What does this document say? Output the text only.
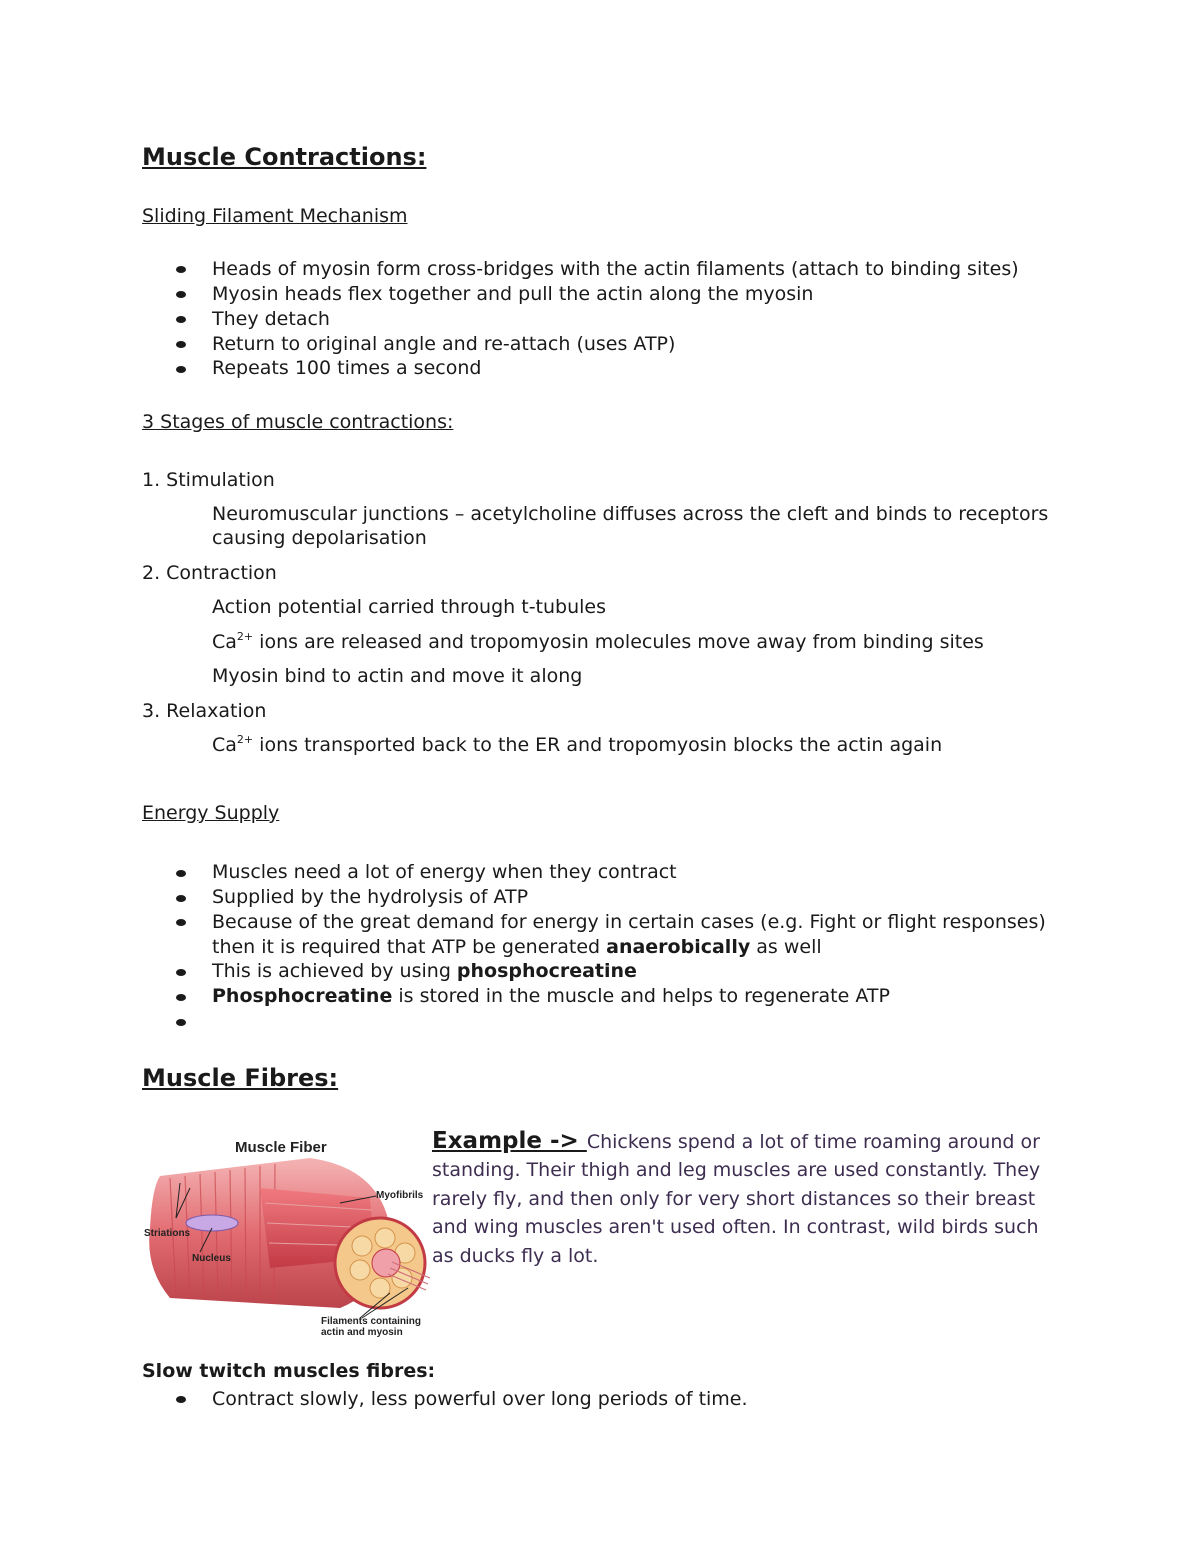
Muscle Contractions:
Sliding Filament Mechanism
Heads of myosin form cross-bridges with the actin filaments (attach to binding sites)
Myosin heads flex together and pull the actin along the myosin
They detach
Return to original angle and re-attach (uses ATP)
Repeats 100 times a second
3 Stages of muscle contractions:
1. Stimulation
Neuromuscular junctions – acetylcholine diffuses across the cleft and binds to receptors
causing depolarisation
2. Contraction
Action potential carried through t-tubules
$Ca^{2+}$ ions are released and tropomyosin molecules move away from binding sites
Myosin bind to actin and move it along
3. Relaxation
$Ca^{2+}$ ions transported back to the ER and tropomyosin blocks the actin again
Energy Supply
Muscles need a lot of energy when they contract
Supplied by the hydrolysis of ATP
Because of the great demand for energy in certain cases (e.g. Fight or flight responses)
then it is required that ATP be generated anaerobically as well
This is achieved by using phosphocreatine
Phosphocreatine is stored in the muscle and helps to regenerate ATP
Muscle Fibres:
Muscle Fiber
Myofibrils
Striations
Nucleus
Filaments containing
actin and myosin
Example -> Chickens spend a lot of time roaming around or
standing. Their thigh and leg muscles are used constantly. They
rarely fly, and then only for very short distances so their breast
and wing muscles aren't used often. In contrast, wild birds such
as ducks fly a lot.
Slow twitch muscles fibres:
Contract slowly, less powerful over long periods of time.
